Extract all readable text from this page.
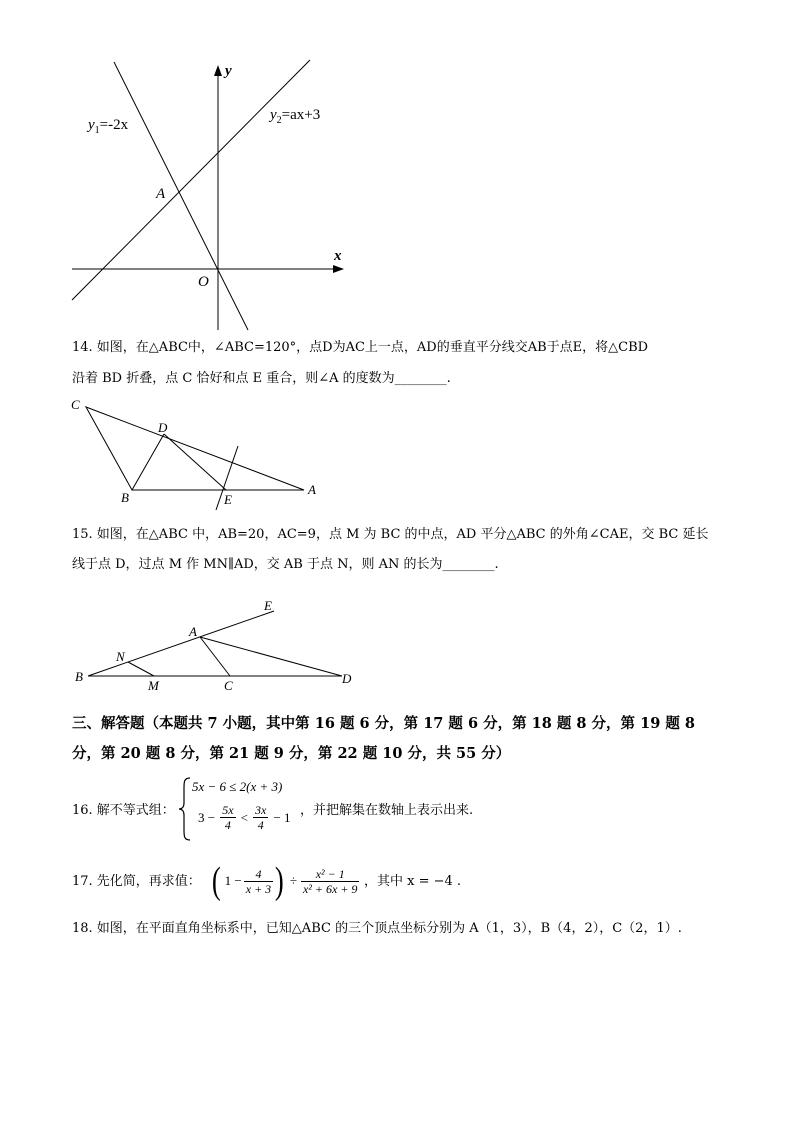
y
x
O
A
$y_1=-2x$
$y_2=ax+3$
14. 如图，在△ABC中，∠ABC=120°，点D为AC上一点，AD的垂直平分线交AB于点E，将△CBD
沿着 BD 折叠，点 C 恰好和点 E 重合，则∠A 的度数为________.
C
D
B	E
A
15. 如图，在△ABC 中，AB=20，AC=9，点 M 为 BC 的中点，AD 平分△ABC 的外角∠CAE，交 BC 延长
线于点 D，过点 M 作 MN∥AD，交 AB 于点 N，则 AN 的长为________.
E
A
N
B
M	C	D
三、解答题（本题共 7 小题，其中第 16 题 6 分，第 17 题 6 分，第 18 题 8 分，第 19 题 8
分，第 20 题 8 分，第 21 题 9 分，第 22 题 10 分，共 55 分）
16. 解不等式组：
5x − 6 ≤ 2(x + 3)
$3 - \frac{5x}{4} < \frac{3x}{4} - 1$ ，并把解集在数轴上表示出来.
17. 先化简，再求值： ( $1 - \frac{4}{x + 3}$ ) ÷ $\frac{\text{x² − 1}}{\text{x² + 6x + 9}}$ ，其中 x = −4 .
18. 如图，在平面直角坐标系中，已知△ABC 的三个顶点坐标分别为 A（1，3），B（4，2），C（2，1）.
